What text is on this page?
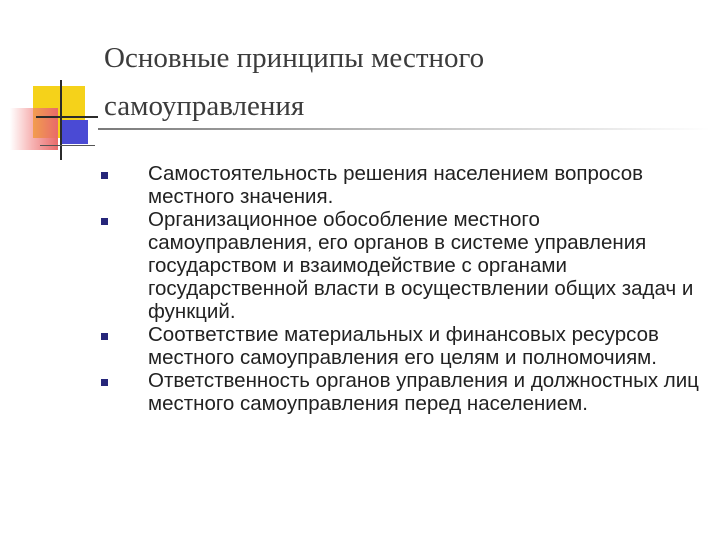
Основные принципы местного
самоуправления
Самостоятельность решения населением вопросов местного значения.
Организационное обособление местного самоуправления, его органов в системе управления государством и взаимодействие с органами государственной власти в осуществлении общих задач и функций.
Соответствие материальных и финансовых ресурсов местного самоуправления его целям и полномочиям.
Ответственность органов управления и должностных лиц местного самоуправления перед населением.
